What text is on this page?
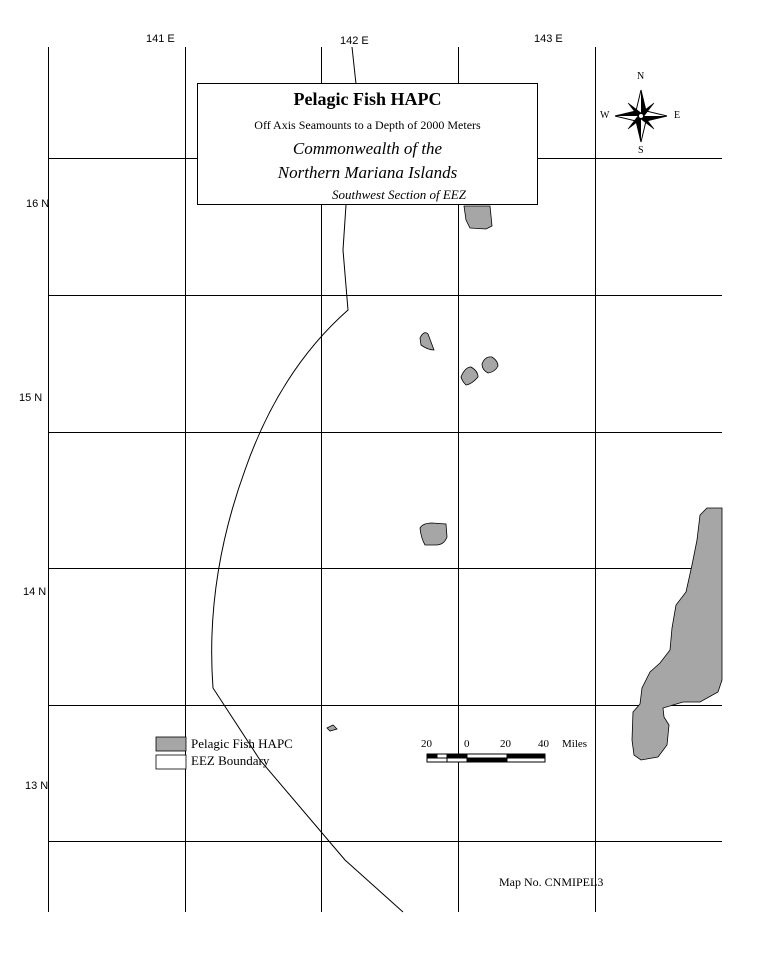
Pelagic Fish HAPC
Off Axis Seamounts to a Depth of 2000 Meters
Commonwealth of the
Northern Mariana Islands
Southwest Section of EEZ
141 E	142 E	143 E
16 N
15 N
14 N
13 N
N
S
E
W
Pelagic Fish HAPC
EEZ Boundary
20	0	20 40 Miles
Map No. CNMIPEL3
